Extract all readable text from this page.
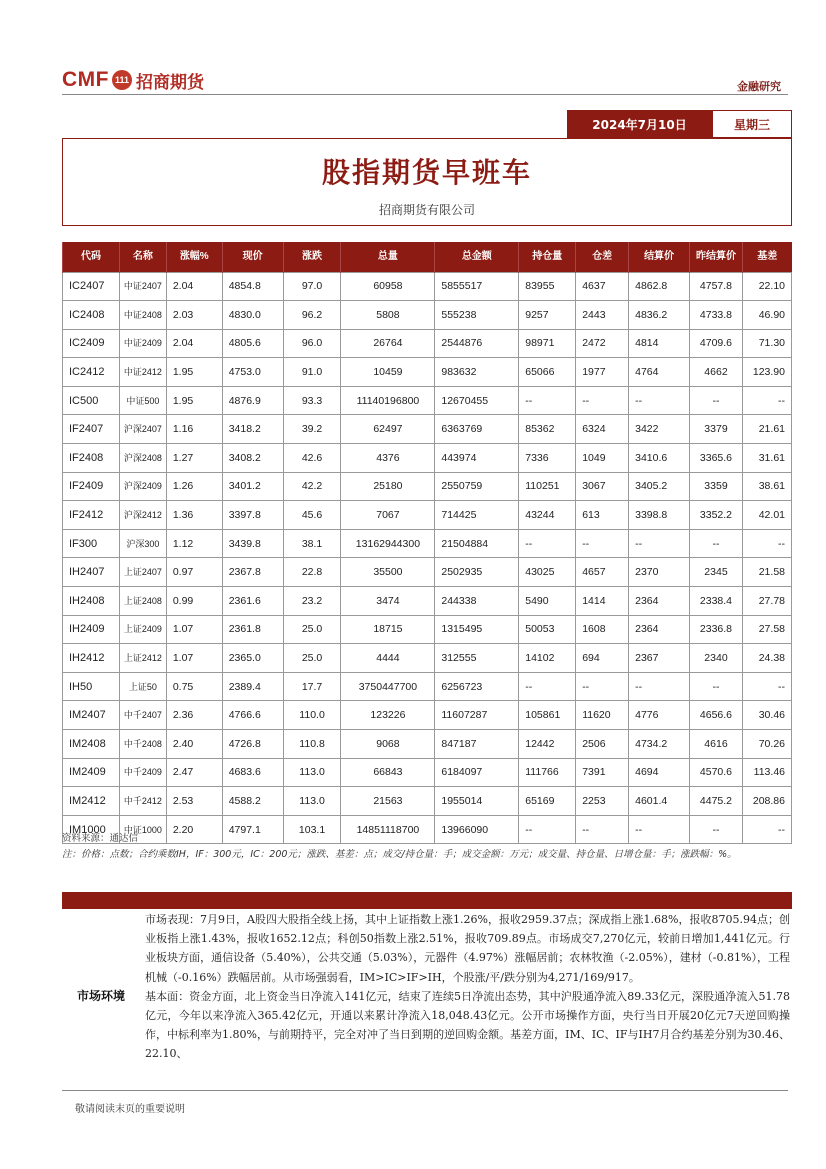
CMF 111 招商期货	金融研究
2024年7月10日	星期三
股指期货早班车
招商期货有限公司
代码	名称	涨幅%	现价	涨跌	总量	总金额	持仓量	仓差	结算价	昨结算价	基差
IC2407	中证2407	2.04	4854.8	97.0	60958	5855517	83955	4637	4862.8	4757.8	22.10
IC2408	中证2408	2.03	4830.0	96.2	5808	555238	9257	2443	4836.2	4733.8	46.90
IC2409	中证2409	2.04	4805.6	96.0	26764	2544876	98971	2472	4814	4709.6	71.30
IC2412	中证2412	1.95	4753.0	91.0	10459	983632	65066	1977	4764	4662	123.90
IC500	中证500	1.95	4876.9	93.3	11140196800	12670455	--	--	--	--	--
IF2407	沪深2407	1.16	3418.2	39.2	62497	6363769	85362	6324	3422	3379	21.61
IF2408	沪深2408	1.27	3408.2	42.6	4376	443974	7336	1049	3410.6	3365.6	31.61
IF2409	沪深2409	1.26	3401.2	42.2	25180	2550759	110251	3067	3405.2	3359	38.61
IF2412	沪深2412	1.36	3397.8	45.6	7067	714425	43244	613	3398.8	3352.2	42.01
IF300	沪深300	1.12	3439.8	38.1	13162944300	21504884	--	--	--	--	--
IH2407	上证2407	0.97	2367.8	22.8	35500	2502935	43025	4657	2370	2345	21.58
IH2408	上证2408	0.99	2361.6	23.2	3474	244338	5490	1414	2364	2338.4	27.78
IH2409	上证2409	1.07	2361.8	25.0	18715	1315495	50053	1608	2364	2336.8	27.58
IH2412	上证2412	1.07	2365.0	25.0	4444	312555	14102	694	2367	2340	24.38
IH50	上证50	0.75	2389.4	17.7	3750447700	6256723	--	--	--	--	--
IM2407	中千2407	2.36	4766.6	110.0	123226	11607287	105861	11620	4776	4656.6	30.46
IM2408	中千2408	2.40	4726.8	110.8	9068	847187	12442	2506	4734.2	4616	70.26
IM2409	中千2409	2.47	4683.6	113.0	66843	6184097	111766	7391	4694	4570.6	113.46
IM2412	中千2412	2.53	4588.2	113.0	21563	1955014	65169	2253	4601.4	4475.2	208.86
IM1000	中证1000	2.20	4797.1	103.1	14851118700	13966090	--	--	--	--	--
资料来源：通达信
注：价格：点数；合约乘数IH，IF：300元，IC：200元；涨跌、基差：点；成交/持仓量：手；成交金额：万元；成交量、持仓量、日增仓量：手；涨跌幅：%。
市场环境

市场表现：7月9日，A股四大股指全线上扬，其中上证指数上涨1.26%，报收2959.37点；深成指上涨1.68%，报收8705.94点；创业板指上涨1.43%，报收1652.12点；科创50指数上涨2.51%，报收709.89点。市场成交7,270亿元，较前日增加1,441亿元。行业板块方面，通信设备（5.40%），公共交通（5.03%），元器件（4.97%）涨幅居前；农林牧渔（-2.05%），建材（-0.81%），工程机械（-0.16%）跌幅居前。从市场强弱看，IM>IC>IF>IH，个股涨/平/跌分别为4,271/169/917。

基本面：资金方面，北上资金当日净流入141亿元，结束了连续5日净流出态势，其中沪股通净流入89.33亿元，深股通净流入51.78亿元，今年以来净流入365.42亿元，开通以来累计净流入18,048.43亿元。公开市场操作方面，央行当日开展20亿元7天逆回购操作，中标利率为1.80%，与前期持平，完全对冲了当日到期的逆回购金额。基差方面，IM、IC、IF与IH7月合约基差分别为30.46、22.10、

敬请阅读末页的重要说明
